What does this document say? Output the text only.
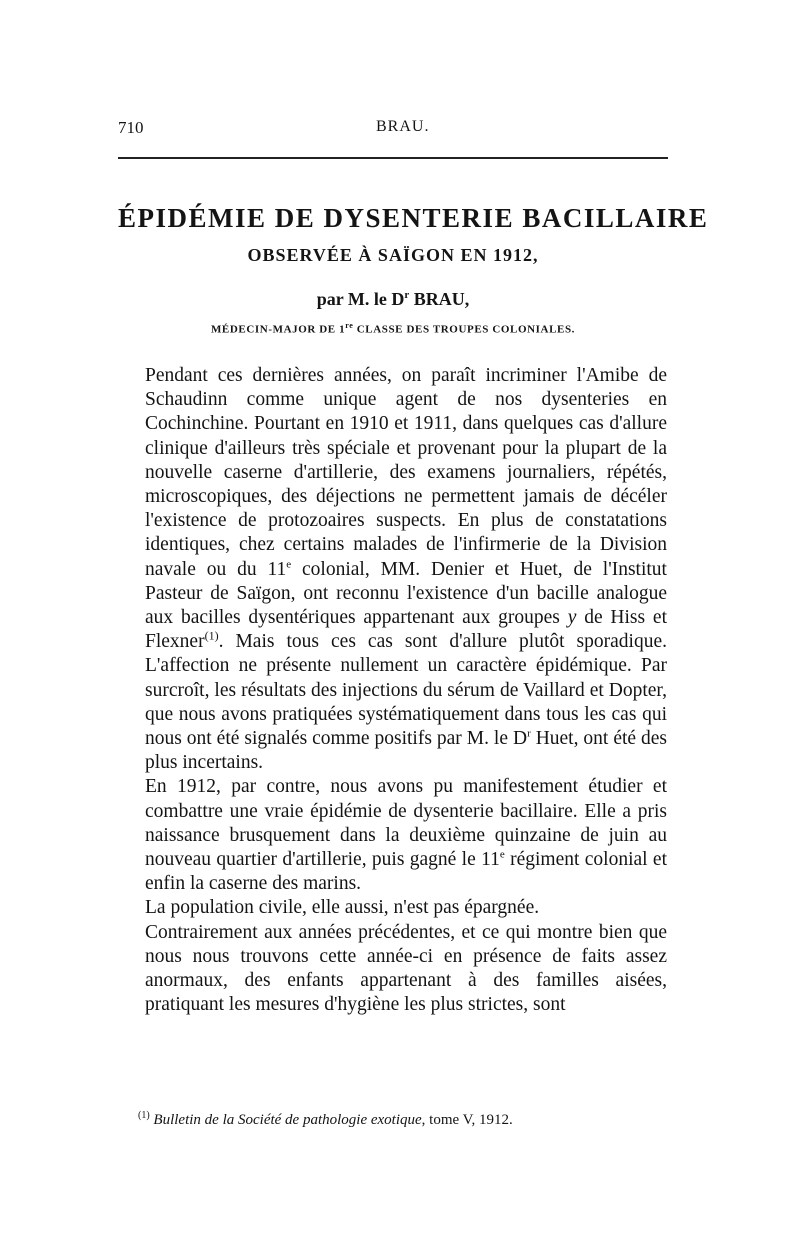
710	BRAU.
ÉPIDÉMIE DE DYSENTERIE BACILLAIRE
OBSERVÉE À SAÏGON EN 1912,
par M. le $D^r$ BRAU,
MÉDECIN-MAJOR DE 1re CLASSE DES TROUPES COLONIALES.

Pendant ces dernières années, on paraît incriminer l'Amibe de Schaudinn comme unique agent de nos dysenteries en Cochinchine. Pourtant en 1910 et 1911, dans quelques cas d'allure clinique d'ailleurs très spéciale et provenant pour la plupart de la nouvelle caserne d'artillerie, des examens journaliers, répétés, microscopiques, des déjections ne permettent jamais de décéler l'existence de protozoaires suspects. En plus de constatations identiques, chez certains malades de l'infirmerie de la Division navale ou du 11e colonial, MM. Denier et Huet, de l'Institut Pasteur de Saïgon, ont reconnu l'existence d'un bacille analogue aux bacilles dysentériques appartenant aux groupes y de Hiss et Flexner$^{(1)}$. Mais tous ces cas sont d'allure plutôt sporadique. L'affection ne présente nullement un caractère épidémique. Par surcroît, les résultats des injections du sérum de Vaillard et Dopter, que nous avons pratiquées systématiquement dans tous les cas qui nous ont été signalés comme positifs par M. le $D^r$ Huet, ont été des plus incertains.

En 1912, par contre, nous avons pu manifestement étudier et combattre une vraie épidémie de dysenterie bacillaire. Elle a pris naissance brusquement dans la deuxième quinzaine de juin au nouveau quartier d'artillerie, puis gagné le 11e régiment colonial et enfin la caserne des marins.

La population civile, elle aussi, n'est pas épargnée.

Contrairement aux années précédentes, et ce qui montre bien que nous nous trouvons cette année-ci en présence de faits assez anormaux, des enfants appartenant à des familles aisées, pratiquant les mesures d'hygiène les plus strictes, sont

$^{(1)}$ Bulletin de la Société de pathologie exotique, tome V, 1912.
